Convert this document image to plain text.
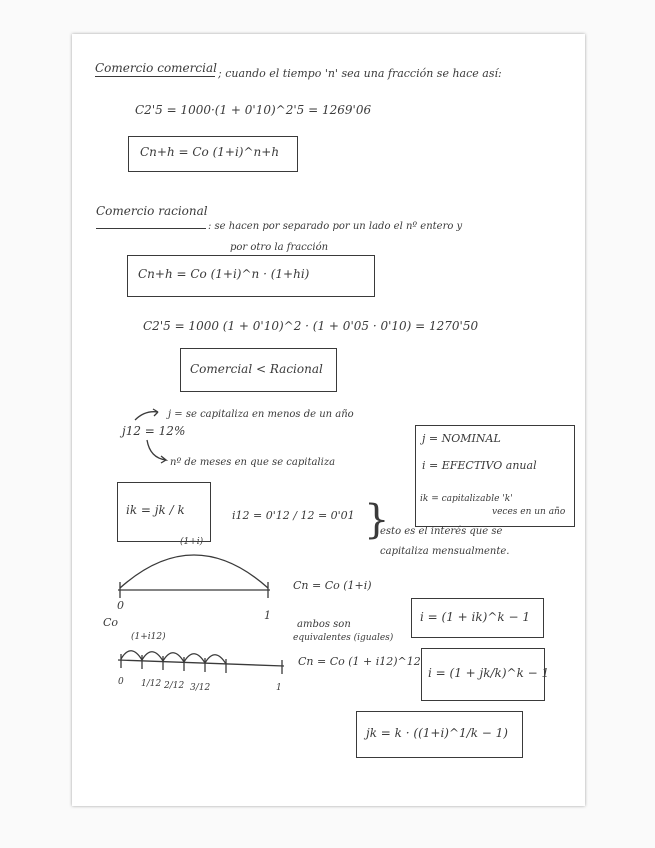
Comercio comercial ; cuando el tiempo 'n' sea una fracción se hace así:
C2'5 = 1000·(1 + 0'10)^2'5 = 1269'06
Cn+h = Co (1+i)^n+h
Comercio racional
: se hacen por separado por un lado el nº entero y
por otro la fracción
Cn+h = Co (1+i)^n · (1+hi)
C2'5 = 1000 (1 + 0'10)^2 · (1 + 0'05 · 0'10) = 1270'50
Comercial < Racional
j12 = 12%
j = se capitaliza en menos de un año
nº de meses en que se capitaliza
j = NOMINAL
i = EFECTIVO anual
ik = capitalizable 'k'
veces en un año
ik = jk / k
(1+i)
i12 = 0'12 / 12 = 0'01 }
esto es el interés que se
capitaliza mensualmente.
0
Co
1
Cn = Co (1+i)
ambos son
equivalentes (iguales)
(1+i12)
0 1/12 2/12 3/12	1
Cn = Co (1 + i12)^12
i = (1 + ik)^k − 1
i = (1 + jk/k)^k − 1
jk = k · ((1+i)^1/k − 1)
